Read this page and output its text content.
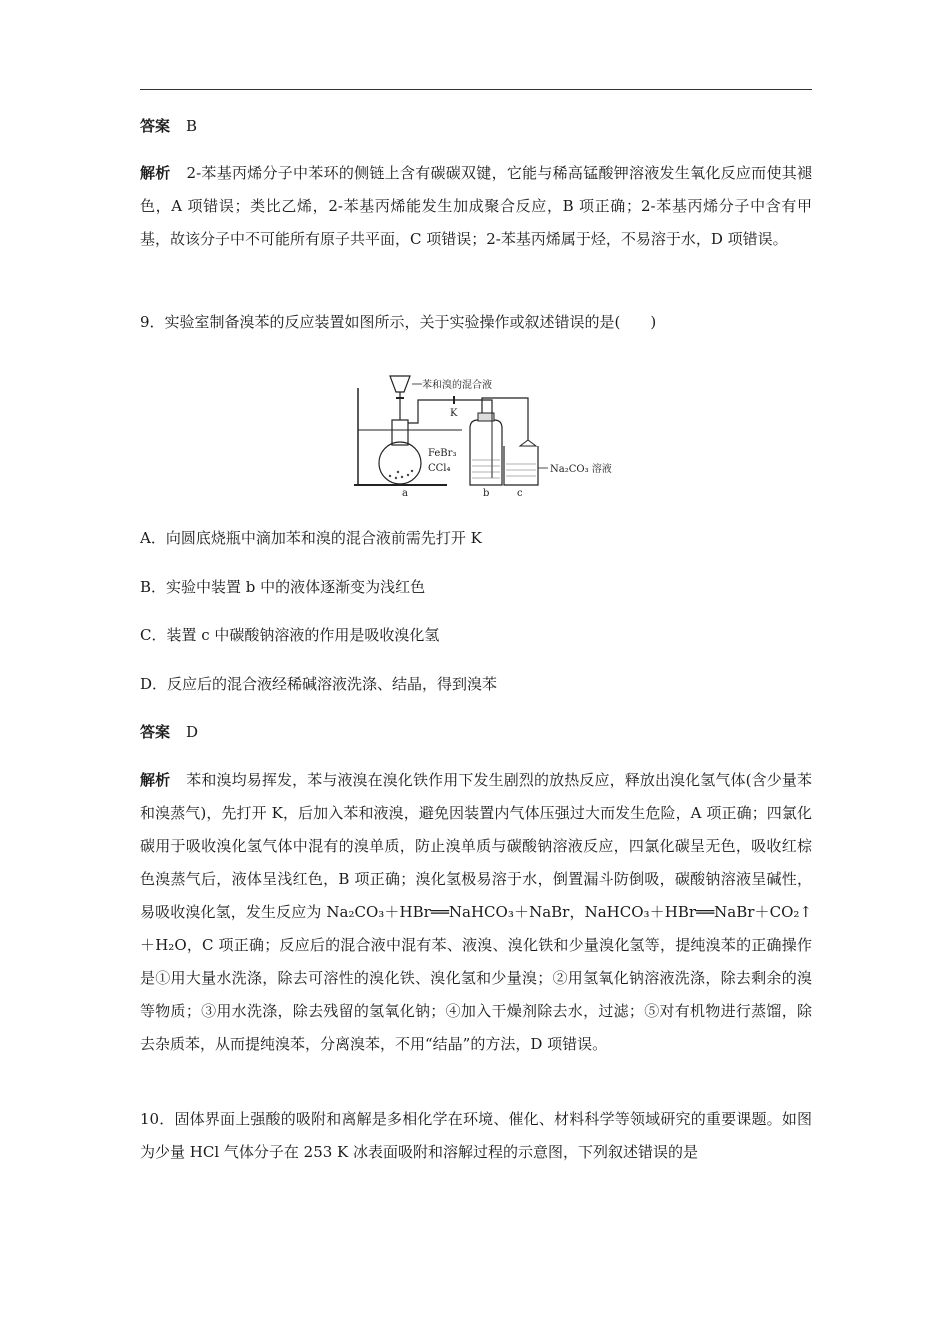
答案 B
解析 2-苯基丙烯分子中苯环的侧链上含有碳碳双键，它能与稀高锰酸钾溶液发生氧化反应而使其褪色，A 项错误；类比乙烯，2-苯基丙烯能发生加成聚合反应，B 项正确；2-苯基丙烯分子中含有甲基，故该分子中不可能所有原子共平面，C 项错误；2-苯基丙烯属于烃，不易溶于水，D 项错误。
9．实验室制备溴苯的反应装置如图所示，关于实验操作或叙述错误的是(　　)
苯和溴的混合液
K
FeBr₃
CCl₄	Na₂CO₃ 溶液
a	b	c
A．向圆底烧瓶中滴加苯和溴的混合液前需先打开 K
B．实验中装置 b 中的液体逐渐变为浅红色
C．装置 c 中碳酸钠溶液的作用是吸收溴化氢
D．反应后的混合液经稀碱溶液洗涤、结晶，得到溴苯
答案 D
解析 苯和溴均易挥发，苯与液溴在溴化铁作用下发生剧烈的放热反应，释放出溴化氢气体(含少量苯和溴蒸气)，先打开 K，后加入苯和液溴，避免因装置内气体压强过大而发生危险，A 项正确；四氯化碳用于吸收溴化氢气体中混有的溴单质，防止溴单质与碳酸钠溶液反应，四氯化碳呈无色，吸收红棕色溴蒸气后，液体呈浅红色，B 项正确；溴化氢极易溶于水，倒置漏斗防倒吸，碳酸钠溶液呈碱性，易吸收溴化氢，发生反应为 Na₂CO₃＋HBr══NaHCO₃＋NaBr，NaHCO₃＋HBr══NaBr＋CO₂↑＋H₂O，C 项正确；反应后的混合液中混有苯、液溴、溴化铁和少量溴化氢等，提纯溴苯的正确操作是①用大量水洗涤，除去可溶性的溴化铁、溴化氢和少量溴；②用氢氧化钠溶液洗涤，除去剩余的溴等物质；③用水洗涤，除去残留的氢氧化钠；④加入干燥剂除去水，过滤；⑤对有机物进行蒸馏，除去杂质苯，从而提纯溴苯，分离溴苯，不用“结晶”的方法，D 项错误。
10．固体界面上强酸的吸附和离解是多相化学在环境、催化、材料科学等领域研究的重要课题。如图为少量 HCl 气体分子在 253 K 冰表面吸附和溶解过程的示意图，下列叙述错误的是
